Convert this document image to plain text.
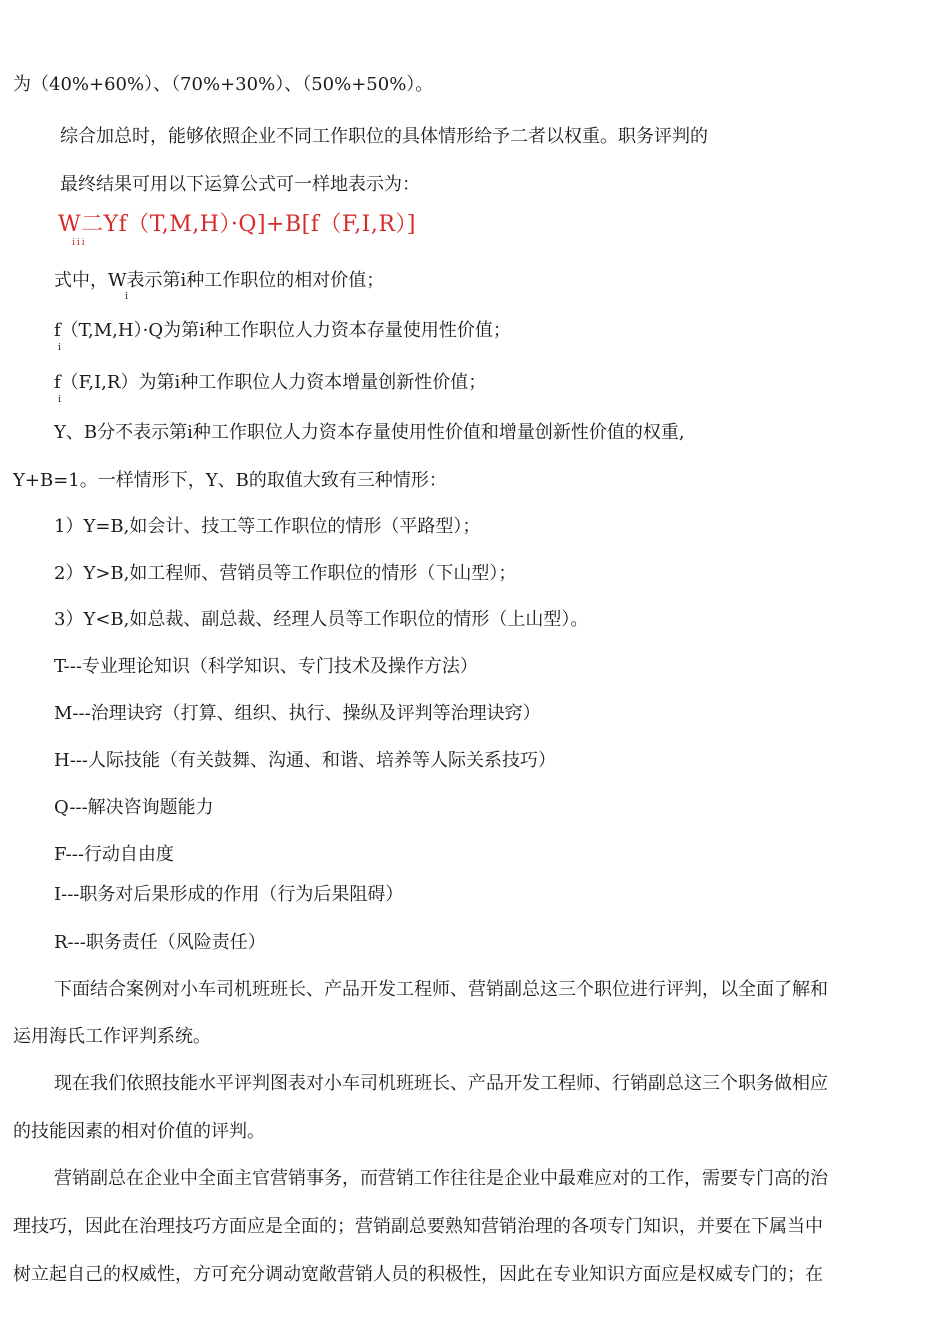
为（40%+60%）、（70%+30%）、（50%+50%）。
综合加总时，能够依照企业不同工作职位的具体情形给予二者以权重。职务评判的
最终结果可用以下运算公式可一样地表示为：
W二Yf（T,M,H）·Q]+B[f（F,I,R）]
iii
式中，W表示第i种工作职位的相对价值；
i
f（T,M,H）·Q为第i种工作职位人力资本存量使用性价值；
i
f（F,I,R）为第i种工作职位人力资本增量创新性价值；
i
Y、B分不表示第i种工作职位人力资本存量使用性价值和增量创新性价值的权重,
Y+B=1。一样情形下，Y、B的取值大致有三种情形：
1）Y=B,如会计、技工等工作职位的情形（平路型）；
2）Y>B,如工程师、营销员等工作职位的情形（下山型）；
3）Y<B,如总裁、副总裁、经理人员等工作职位的情形（上山型）。
T---专业理论知识（科学知识、专门技术及操作方法）
M---治理诀窍（打算、组织、执行、操纵及评判等治理诀窍）
H---人际技能（有关鼓舞、沟通、和谐、培养等人际关系技巧）
Q---解决咨询题能力
F---行动自由度
I---职务对后果形成的作用（行为后果阻碍）
R---职务责任（风险责任）
下面结合案例对小车司机班班长、产品开发工程师、营销副总这三个职位进行评判，以全面了解和
运用海氏工作评判系统。
现在我们依照技能水平评判图表对小车司机班班长、产品开发工程师、行销副总这三个职务做相应
的技能因素的相对价值的评判。
营销副总在企业中全面主官营销事务，而营销工作往往是企业中最难应对的工作，需要专门高的治
理技巧，因此在治理技巧方面应是全面的；营销副总要熟知营销治理的各项专门知识，并要在下属当中
树立起自己的权威性，方可充分调动宽敞营销人员的积极性，因此在专业知识方面应是权威专门的；在
